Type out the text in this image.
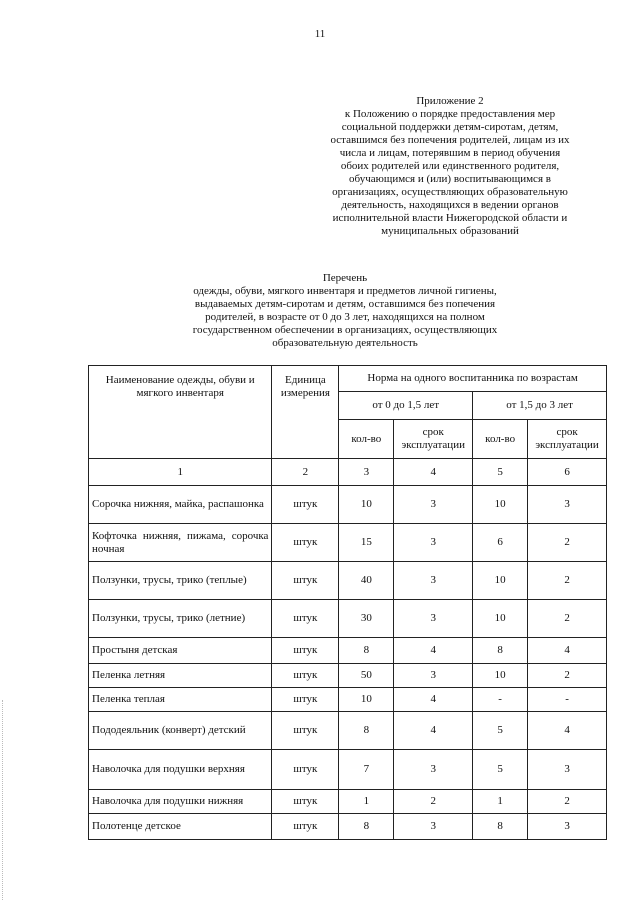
11
Приложение 2
к Положению о порядке предоставления мер
социальной поддержки детям-сиротам, детям,
оставшимся без попечения родителей, лицам из их
числа и лицам, потерявшим в период обучения
обоих родителей или единственного родителя,
обучающимся и (или) воспитывающимся в
организациях, осуществляющих образовательную
деятельность, находящихся в ведении органов
исполнительной власти Нижегородской области и
муниципальных образований
Перечень
одежды, обуви, мягкого инвентаря и предметов личной гигиены,
выдаваемых детям-сиротам и детям, оставшимся без попечения
родителей, в возрасте от 0 до 3 лет, находящихся на полном
государственном обеспечении в организациях, осуществляющих
образовательную деятельность
Наименование одежды, обуви и мягкого инвентаря	Единица измерения	Норма на одного воспитанника по возрастам			
		от 0 до 1,5 лет		от 1,5 до 3 лет	
		кол-во	срок эксплуатации	кол-во	срок эксплуатации
1	2	3	4	5	6
Сорочка нижняя, майка, распашонка	штук	10	3	10	3
Кофточка нижняя, пижама, сорочка ночная	штук	15	3	6	2
Ползунки, трусы, трико (теплые)	штук	40	3	10	2
Ползунки, трусы, трико (летние)	штук	30	3	10	2
Простыня детская	штук	8	4	8	4
Пеленка летняя	штук	50	3	10	2
Пеленка теплая	штук	10	4	-	-
Пододеяльник (конверт) детский	штук	8	4	5	4
Наволочка для подушки верхняя	штук	7	3	5	3
Наволочка для подушки нижняя	штук	1	2	1	2
Полотенце детское	штук	8	3	8	3
